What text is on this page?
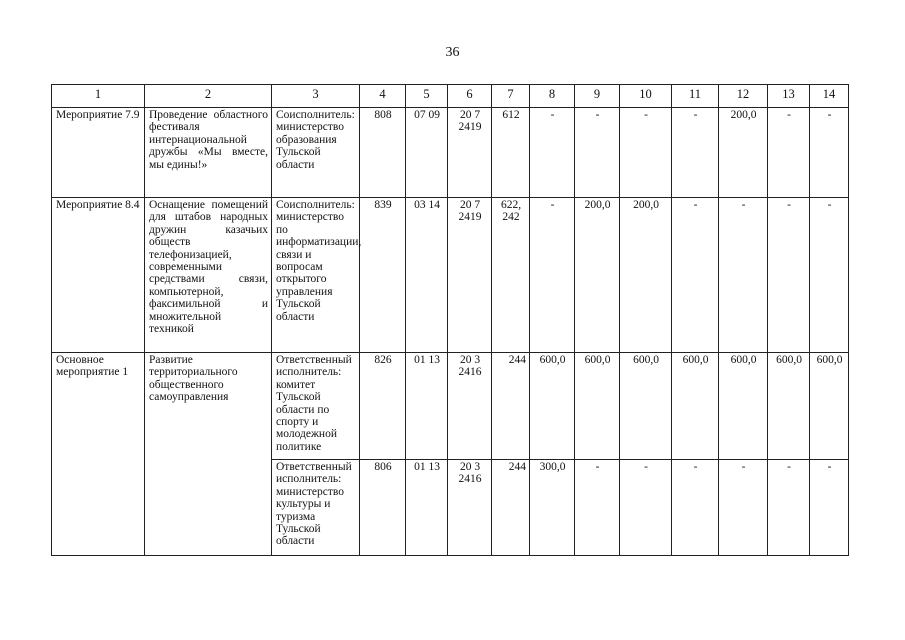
36
1	2	3	4	5	6	7	8	9	10	11	12	13	14
Мероприятие 7.9	Проведение областного фестиваля интернациональной дружбы «Мы вместе, мы едины!»	Соисполнитель: министерство образования Тульской области	808	07 09	20 7 2419	612	-	-	-	-	200,0	-	-
Мероприятие 8.4	Оснащение помещений для штабов народных дружин казачьих обществ телефонизацией, современными средствами связи, компьютерной, факсимильной и множительной техникой	Соисполнитель: министерство по информатизации, связи и вопросам открытого управления Тульской области	839	03 14	20 7 2419	622, 242	-	200,0	200,0	-	-	-	-
Основное мероприятие 1	Развитие территориального общественного самоуправления	Ответственный исполнитель: комитет Тульской области по спорту и молодежной политике	826	01 13	20 3 2416	244	600,0	600,0	600,0	600,0	600,0	600,0	600,0
		Ответственный исполнитель: министерство культуры и туризма Тульской области	806	01 13	20 3 2416	244	300,0	-	-	-	-	-	-
